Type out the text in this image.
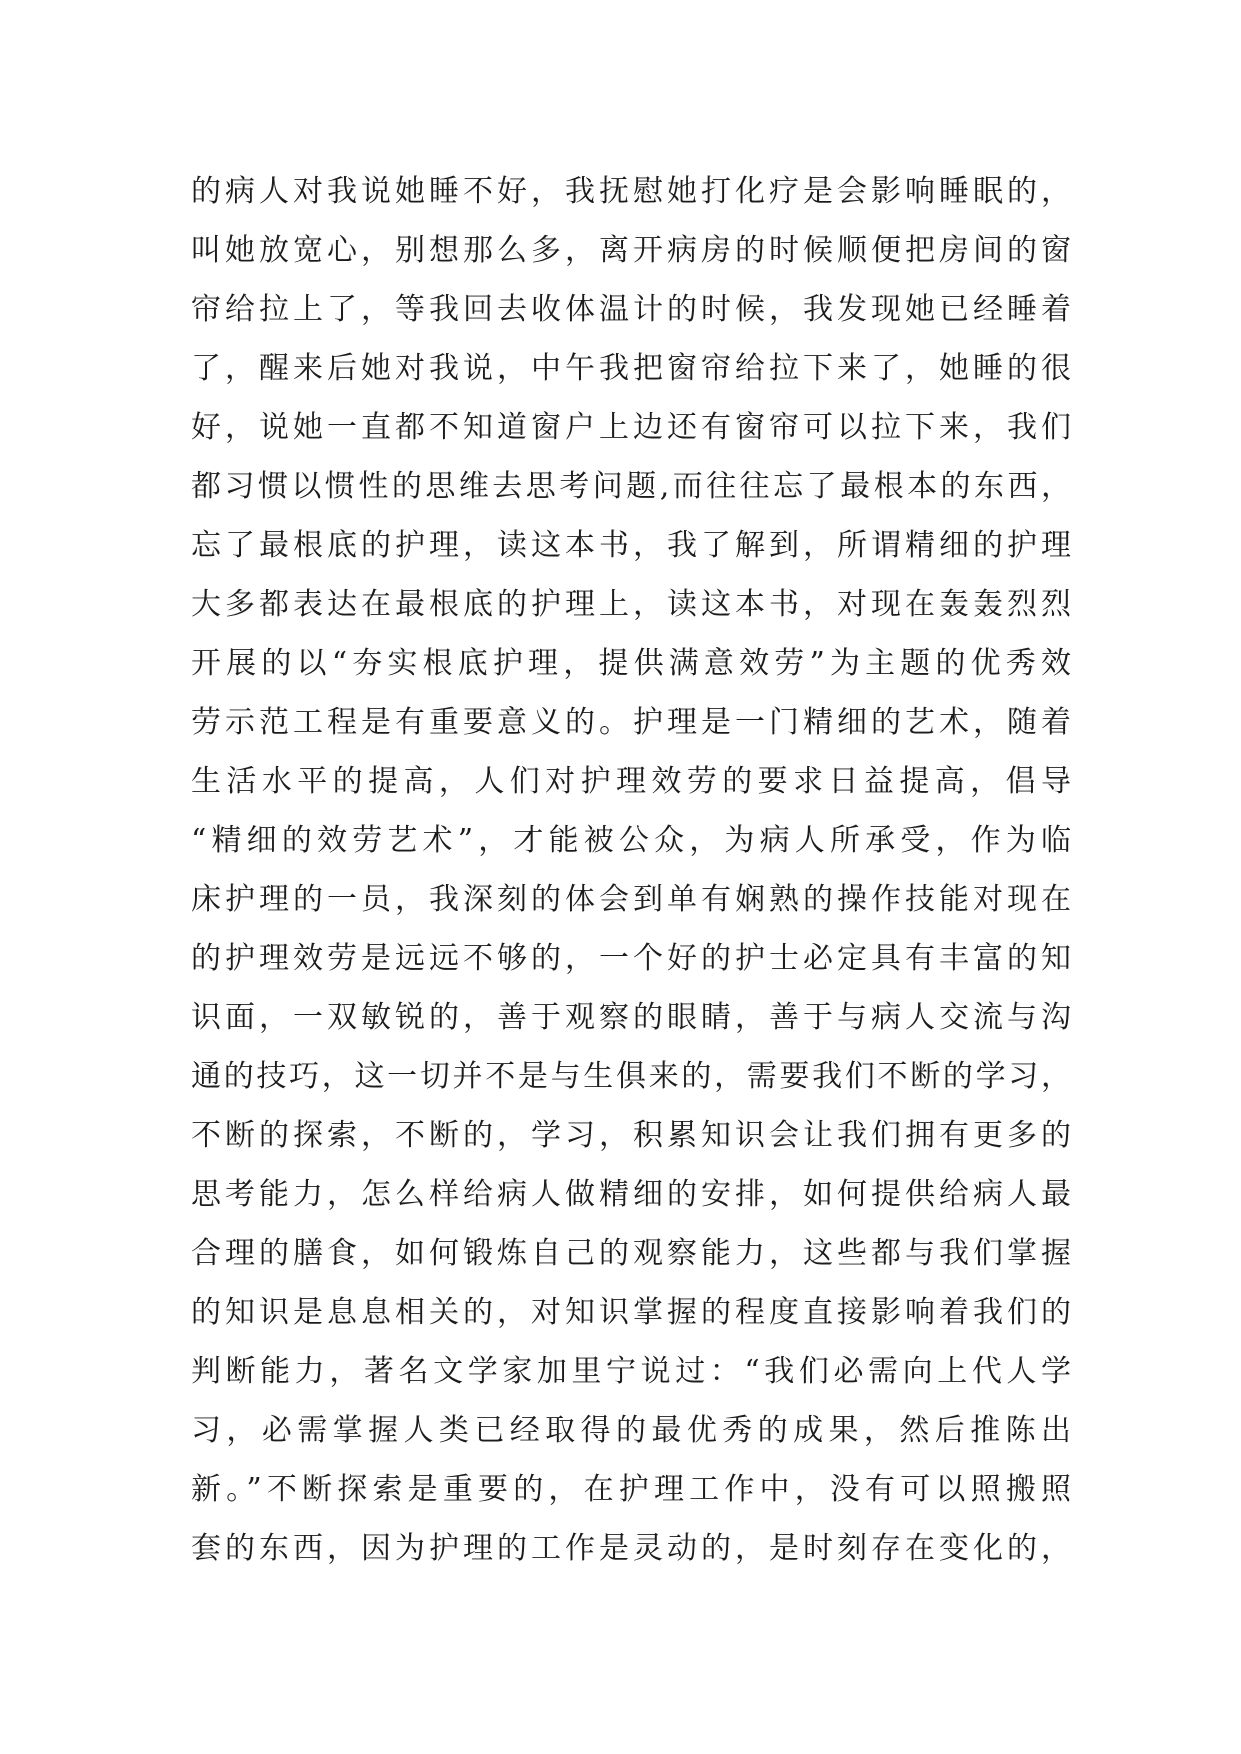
的病人对我说她睡不好，我抚慰她打化疗是会影响睡眠的，
叫她放宽心，别想那么多，离开病房的时候顺便把房间的窗
帘给拉上了，等我回去收体温计的时候，我发现她已经睡着
了，醒来后她对我说，中午我把窗帘给拉下来了，她睡的很
好，说她一直都不知道窗户上边还有窗帘可以拉下来，我们
都习惯以惯性的思维去思考问题,而往往忘了最根本的东西，
忘了最根底的护理，读这本书，我了解到，所谓精细的护理
大多都表达在最根底的护理上，读这本书，对现在轰轰烈烈
开展的以“夯实根底护理，提供满意效劳”为主题的优秀效
劳示范工程是有重要意义的。护理是一门精细的艺术，随着
生活水平的提高，人们对护理效劳的要求日益提高，倡导
“精细的效劳艺术”，才能被公众，为病人所承受，作为临
床护理的一员，我深刻的体会到单有娴熟的操作技能对现在
的护理效劳是远远不够的，一个好的护士必定具有丰富的知
识面，一双敏锐的，善于观察的眼睛，善于与病人交流与沟
通的技巧，这一切并不是与生俱来的，需要我们不断的学习，
不断的探索，不断的，学习，积累知识会让我们拥有更多的
思考能力，怎么样给病人做精细的安排，如何提供给病人最
合理的膳食，如何锻炼自己的观察能力，这些都与我们掌握
的知识是息息相关的，对知识掌握的程度直接影响着我们的
判断能力，著名文学家加里宁说过：“我们必需向上代人学
习，必需掌握人类已经取得的最优秀的成果，然后推陈出
新。”不断探索是重要的，在护理工作中，没有可以照搬照
套的东西，因为护理的工作是灵动的，是时刻存在变化的，
